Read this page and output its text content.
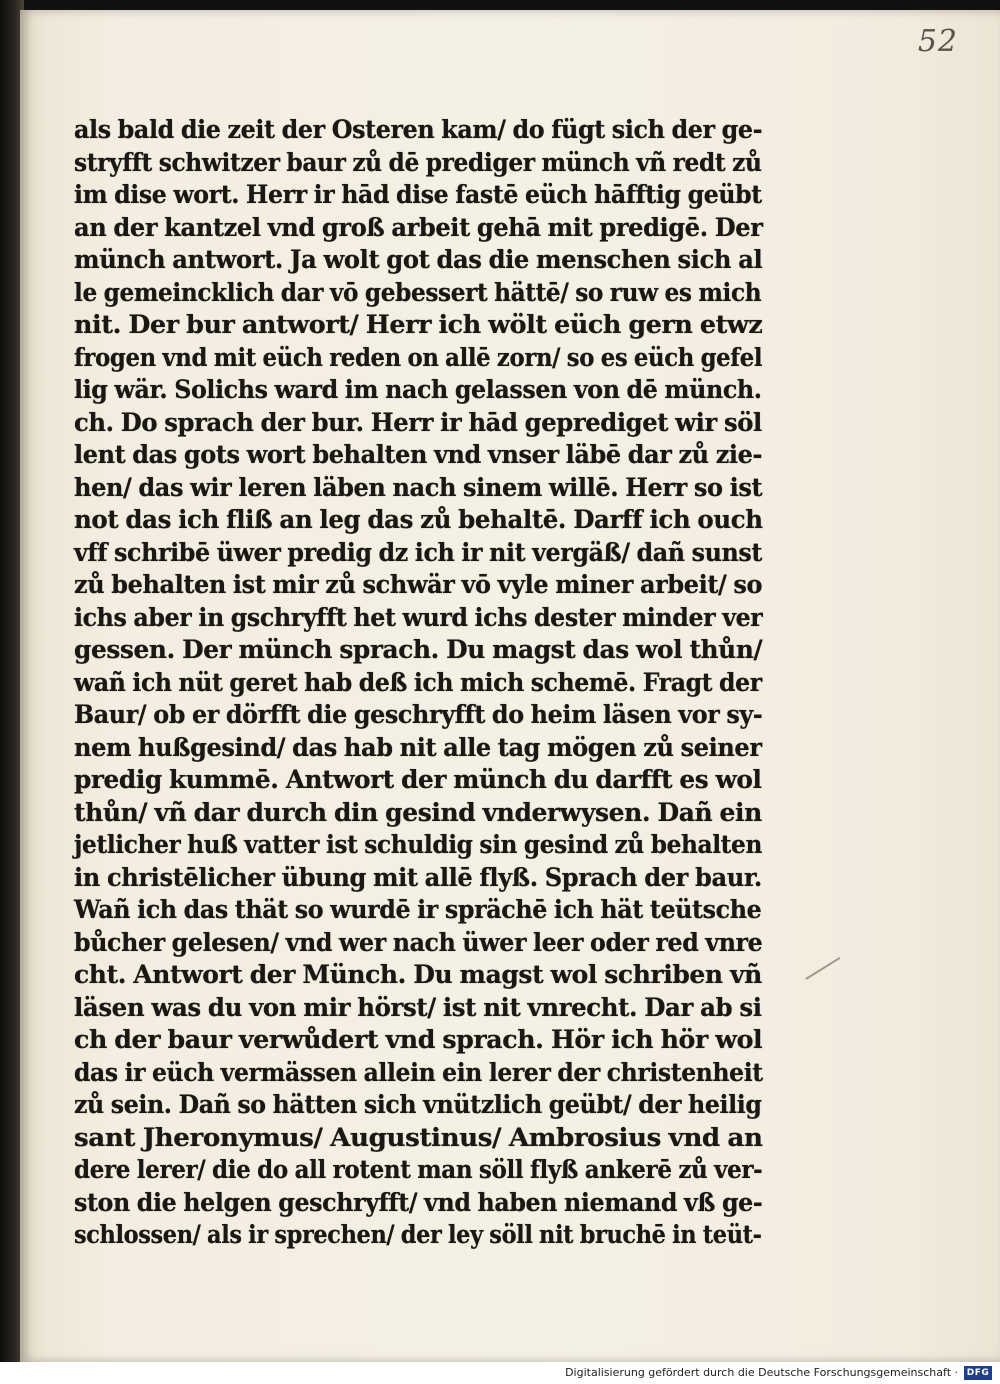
52
als bald die zeit der Osteren kam/ do fügt sich der ge-
stryfft schwitzer baur zů dē prediger münch vñ redt zů
im dise wort. Herr ir hād dise fastē eüch hāfftig geübt
an der kantzel vnd groß arbeit gehā mit predigē. Der
münch antwort. Ja wolt got das die menschen sich al
le gemeincklich dar vō gebessert hättē/ so ruw es mich
nit. Der bur antwort/ Herr ich wölt eüch gern etwz
frogen vnd mit eüch reden on allē zorn/ so es eüch gefel
lig wär. Solichs ward im nach gelassen von dē münch.
ch. Do sprach der bur. Herr ir hād geprediget wir söl
lent das gots wort behalten vnd vnser läbē dar zů zie-
hen/ das wir leren läben nach sinem willē. Herr so ist
not das ich fliß an leg das zů behaltē. Darff ich ouch
vff schribē üwer predig dz ich ir nit vergäß/ dañ sunst
zů behalten ist mir zů schwär vō vyle miner arbeit/ so
ichs aber in gschryfft het wurd ichs dester minder ver
gessen. Der münch sprach. Du magst das wol thůn/
wañ ich nüt geret hab deß ich mich schemē. Fragt der
Baur/ ob er dörfft die geschryfft do heim läsen vor sy-
nem hußgesind/ das hab nit alle tag mögen zů seiner
predig kummē. Antwort der münch du darfft es wol
thůn/ vñ dar durch din gesind vnderwysen. Dañ ein
jetlicher huß vatter ist schuldig sin gesind zů behalten
in christēlicher übung mit allē flyß. Sprach der baur.
Wañ ich das thät so wurdē ir sprächē ich hät teütsche
bůcher gelesen/ vnd wer nach üwer leer oder red vnre
cht. Antwort der Münch. Du magst wol schriben vñ
läsen was du von mir hörst/ ist nit vnrecht. Dar ab si
ch der baur verwůdert vnd sprach. Hör ich hör wol
das ir eüch vermässen allein ein lerer der christenheit
zů sein. Dañ so hätten sich vnützlich geübt/ der heilig
sant Jheronymus/ Augustinus/ Ambrosius vnd an
dere lerer/ die do all rotent man söll flyß ankerē zů ver-
ston die helgen geschryfft/ vnd haben niemand vß ge-
schlossen/ als ir sprechen/ der ley söll nit bruchē in teüt-
Digitalisierung gefördert durch die Deutsche Forschungsgemeinschaft · DFG
